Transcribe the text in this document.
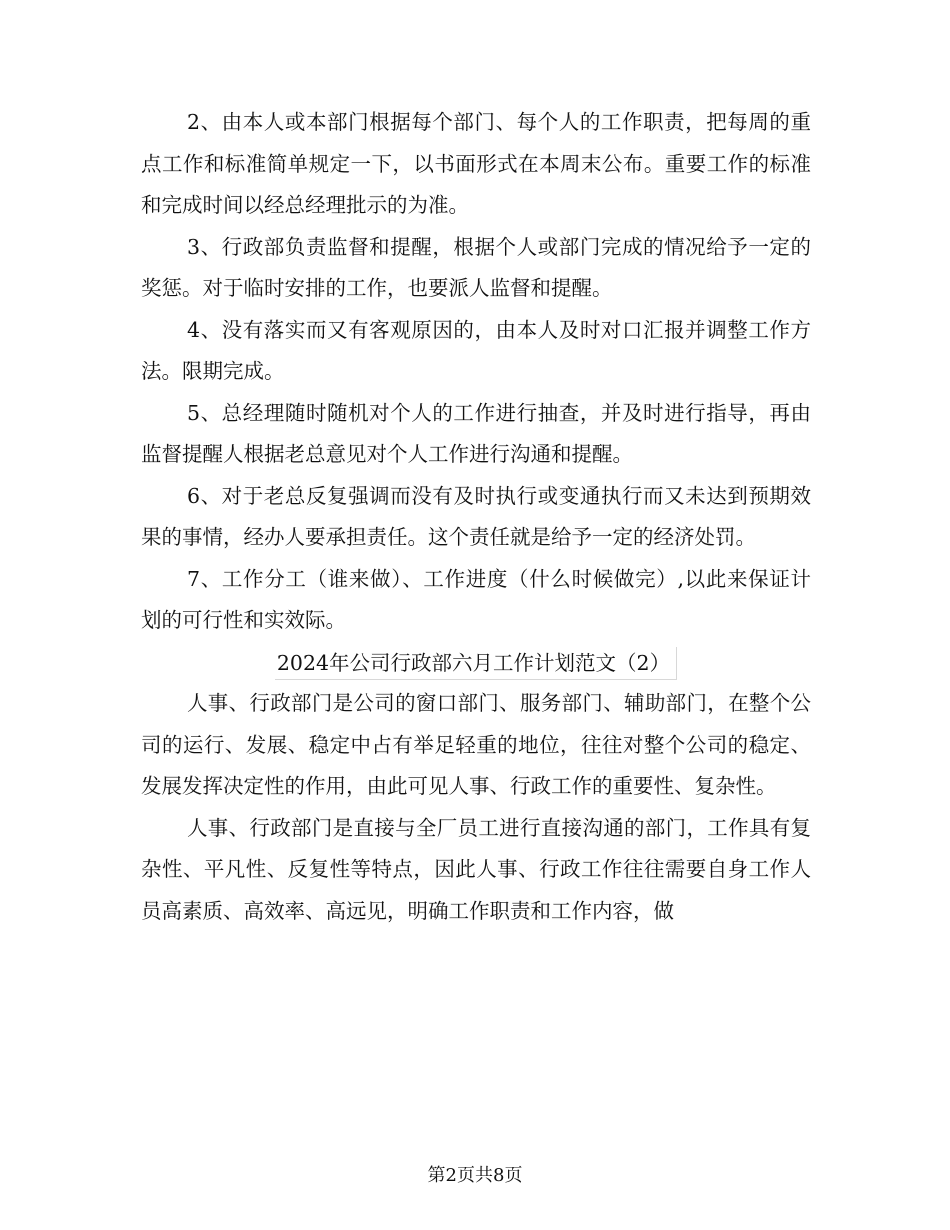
2、由本人或本部门根据每个部门、每个人的工作职责，把每周的重点工作和标准简单规定一下，以书面形式在本周末公布。重要工作的标准和完成时间以经总经理批示的为准。

3、行政部负责监督和提醒，根据个人或部门完成的情况给予一定的奖惩。对于临时安排的工作，也要派人监督和提醒。

4、没有落实而又有客观原因的，由本人及时对口汇报并调整工作方法。限期完成。

5、总经理随时随机对个人的工作进行抽查，并及时进行指导，再由监督提醒人根据老总意见对个人工作进行沟通和提醒。

6、对于老总反复强调而没有及时执行或变通执行而又未达到预期效果的事情，经办人要承担责任。这个责任就是给予一定的经济处罚。

7、工作分工（谁来做）、工作进度（什么时候做完）,以此来保证计划的可行性和实效际。

2024年公司行政部六月工作计划范文（2）

人事、行政部门是公司的窗口部门、服务部门、辅助部门，在整个公司的运行、发展、稳定中占有举足轻重的地位，往往对整个公司的稳定、发展发挥决定性的作用，由此可见人事、行政工作的重要性、复杂性。

人事、行政部门是直接与全厂员工进行直接沟通的部门，工作具有复杂性、平凡性、反复性等特点，因此人事、行政工作往往需要自身工作人员高素质、高效率、高远见，明确工作职责和工作内容，做

第2页共8页
